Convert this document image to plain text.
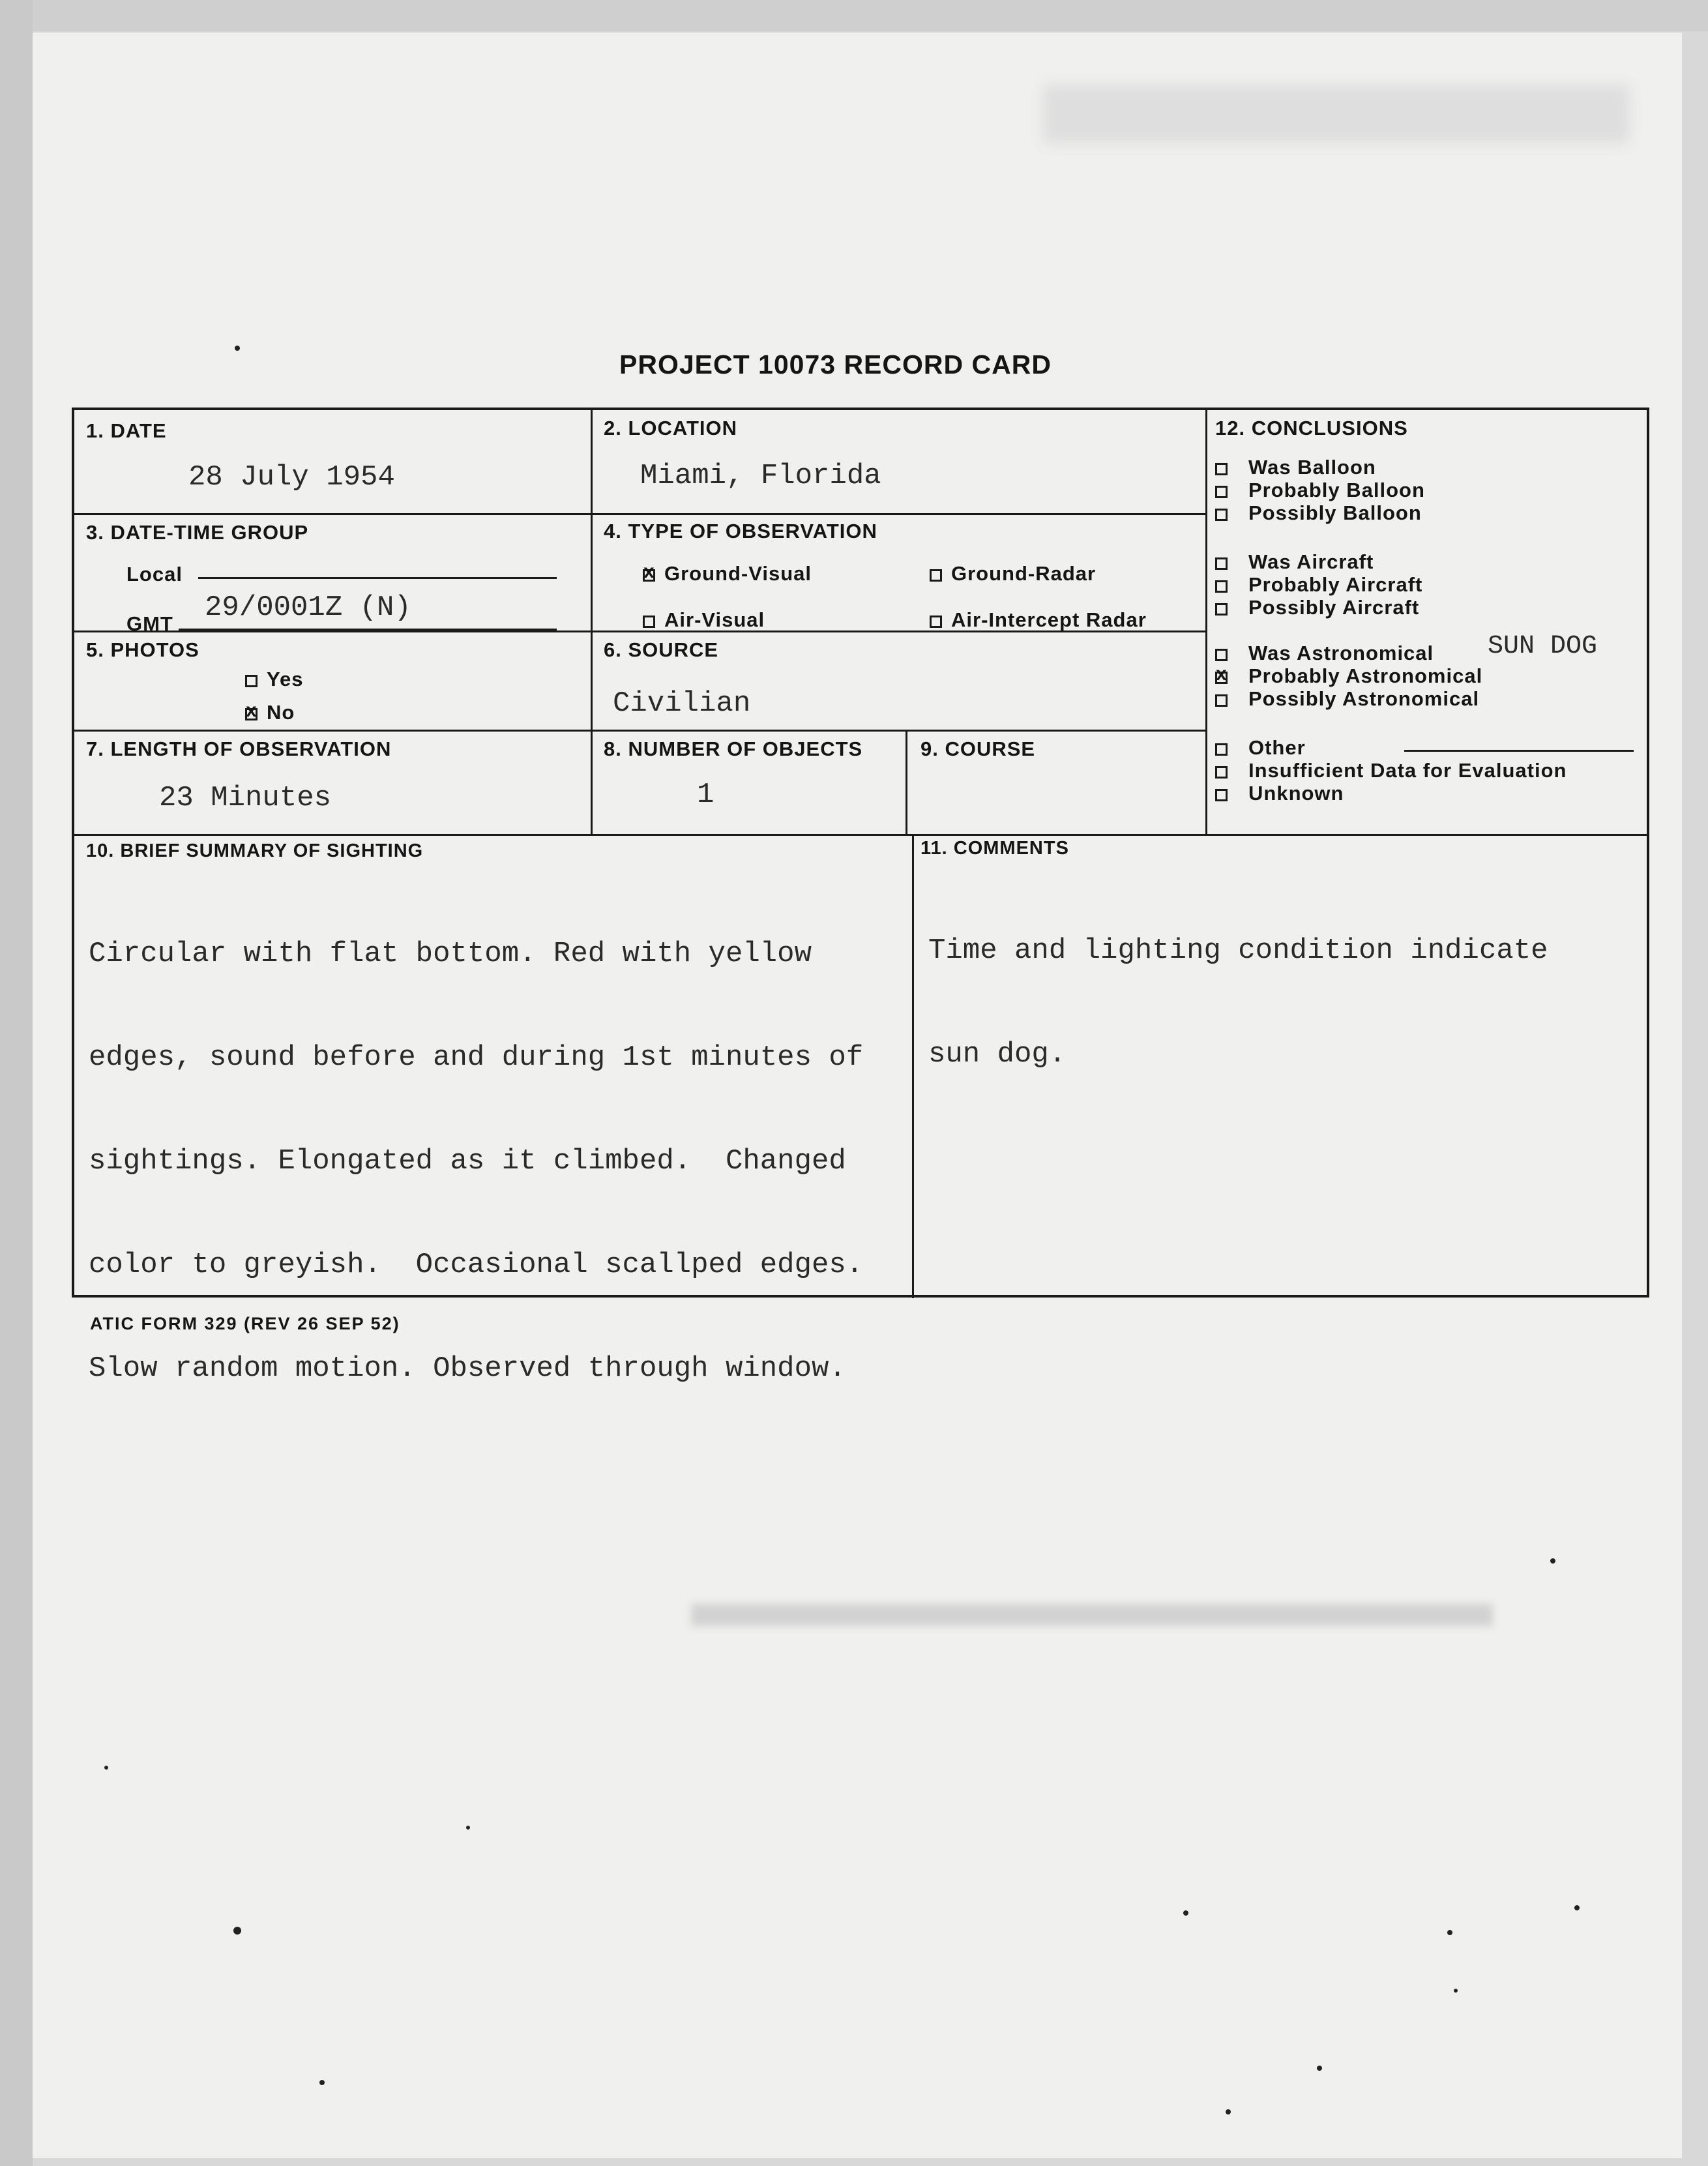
PROJECT 10073 RECORD CARD
1. DATE
28 July 1954
2. LOCATION
Miami, Florida
3. DATE-TIME GROUP
Local
GMT 29/0001Z (N)
4. TYPE OF OBSERVATION
xGround-Visual	Ground-Radar
Air-Visual	Air-Intercept Radar
5. PHOTOS
Yes
xNo
6. SOURCE
Civilian
7. LENGTH OF OBSERVATION
23 Minutes
8. NUMBER OF OBJECTS
1
9. COURSE
12. CONCLUSIONS
SUN DOG
Was Balloon
Probably Balloon
Possibly Balloon
Was Aircraft
Probably Aircraft
Possibly Aircraft
Was Astronomical
xProbably Astronomical
Possibly Astronomical
Other
Insufficient Data for Evaluation
Unknown
10. BRIEF SUMMARY OF SIGHTING

Circular with flat bottom. Red with yellow

edges, sound before and during 1st minutes of

sightings. Elongated as it climbed.  Changed

color to greyish.  Occasional scallped edges.

Slow random motion. Observed through window.

11. COMMENTS

Time and lighting condition indicate

sun dog.

ATIC FORM 329 (REV 26 SEP 52)
